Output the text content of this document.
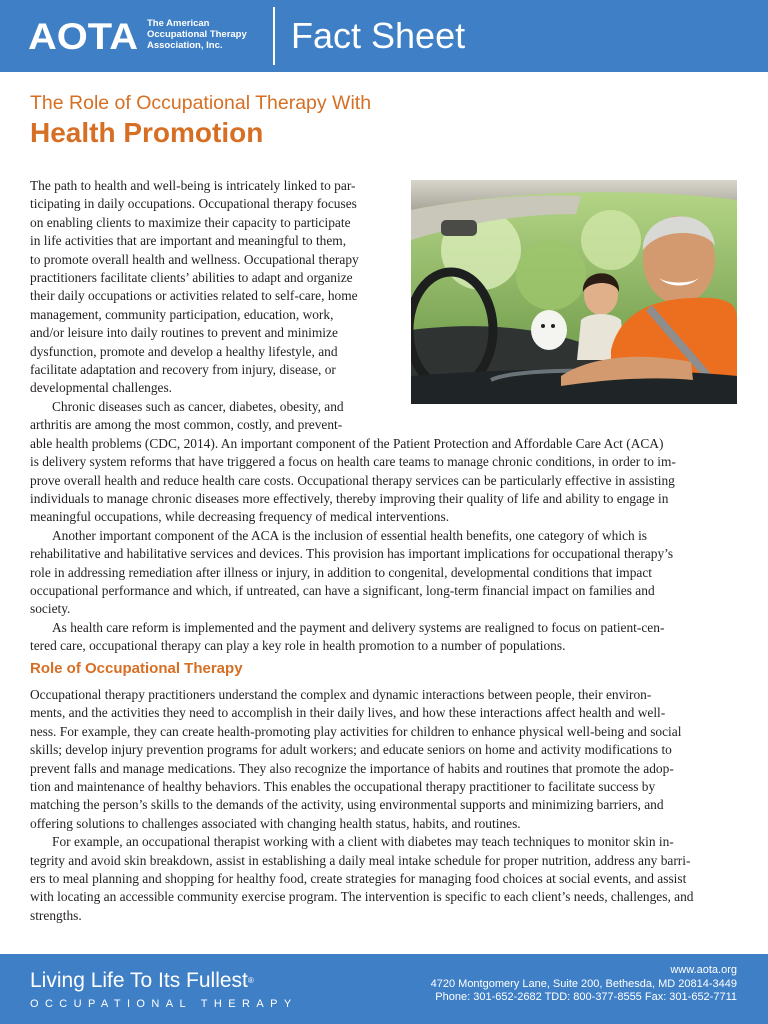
AOTA The American
Occupational Therapy
Association, Inc.	Fact Sheet
The Role of Occupational Therapy With
Health Promotion
The path to health and well-being is intricately linked to par-
ticipating in daily occupations. Occupational therapy focuses
on enabling clients to maximize their capacity to participate
in life activities that are important and meaningful to them,
to promote overall health and wellness. Occupational therapy
practitioners facilitate clients’ abilities to adapt and organize
their daily occupations or activities related to self-care, home
management, community participation, education, work,
and/or leisure into daily routines to prevent and minimize
dysfunction, promote and develop a healthy lifestyle, and
facilitate adaptation and recovery from injury, disease, or
developmental challenges.
Chronic diseases such as cancer, diabetes, obesity, and
arthritis are among the most common, costly, and prevent-
able health problems (CDC, 2014). An important component of the Patient Protection and Affordable Care Act (ACA)
is delivery system reforms that have triggered a focus on health care teams to manage chronic conditions, in order to im-
prove overall health and reduce health care costs. Occupational therapy services can be particularly effective in assisting
individuals to manage chronic diseases more effectively, thereby improving their quality of life and ability to engage in
meaningful occupations, while decreasing frequency of medical interventions.
Another important component of the ACA is the inclusion of essential health benefits, one category of which is
rehabilitative and habilitative services and devices. This provision has important implications for occupational therapy’s
role in addressing remediation after illness or injury, in addition to congenital, developmental conditions that impact
occupational performance and which, if untreated, can have a significant, long-term financial impact on families and
society.
As health care reform is implemented and the payment and delivery systems are realigned to focus on patient-cen-
tered care, occupational therapy can play a key role in health promotion to a number of populations.
Role of Occupational Therapy
Occupational therapy practitioners understand the complex and dynamic interactions between people, their environ-
ments, and the activities they need to accomplish in their daily lives, and how these interactions affect health and well-
ness. For example, they can create health-promoting play activities for children to enhance physical well-being and social
skills; develop injury prevention programs for adult workers; and educate seniors on home and activity modifications to
prevent falls and manage medications. They also recognize the importance of habits and routines that promote the adop-
tion and maintenance of healthy behaviors. This enables the occupational therapy practitioner to facilitate success by
matching the person’s skills to the demands of the activity, using environmental supports and minimizing barriers, and
offering solutions to challenges associated with changing health status, habits, and routines.
For example, an occupational therapist working with a client with diabetes may teach techniques to monitor skin in-
tegrity and avoid skin breakdown, assist in establishing a daily meal intake schedule for proper nutrition, address any barri-
ers to meal planning and shopping for healthy food, create strategies for managing food choices at social events, and assist
with locating an accessible community exercise program. The intervention is specific to each client’s needs, challenges, and
strengths.
Living Life To Its Fullest®
OCCUPATIONAL THERAPY
www.aota.org
4720 Montgomery Lane, Suite 200, Bethesda, MD 20814-3449
Phone: 301-652-2682 TDD: 800-377-8555 Fax: 301-652-7711
